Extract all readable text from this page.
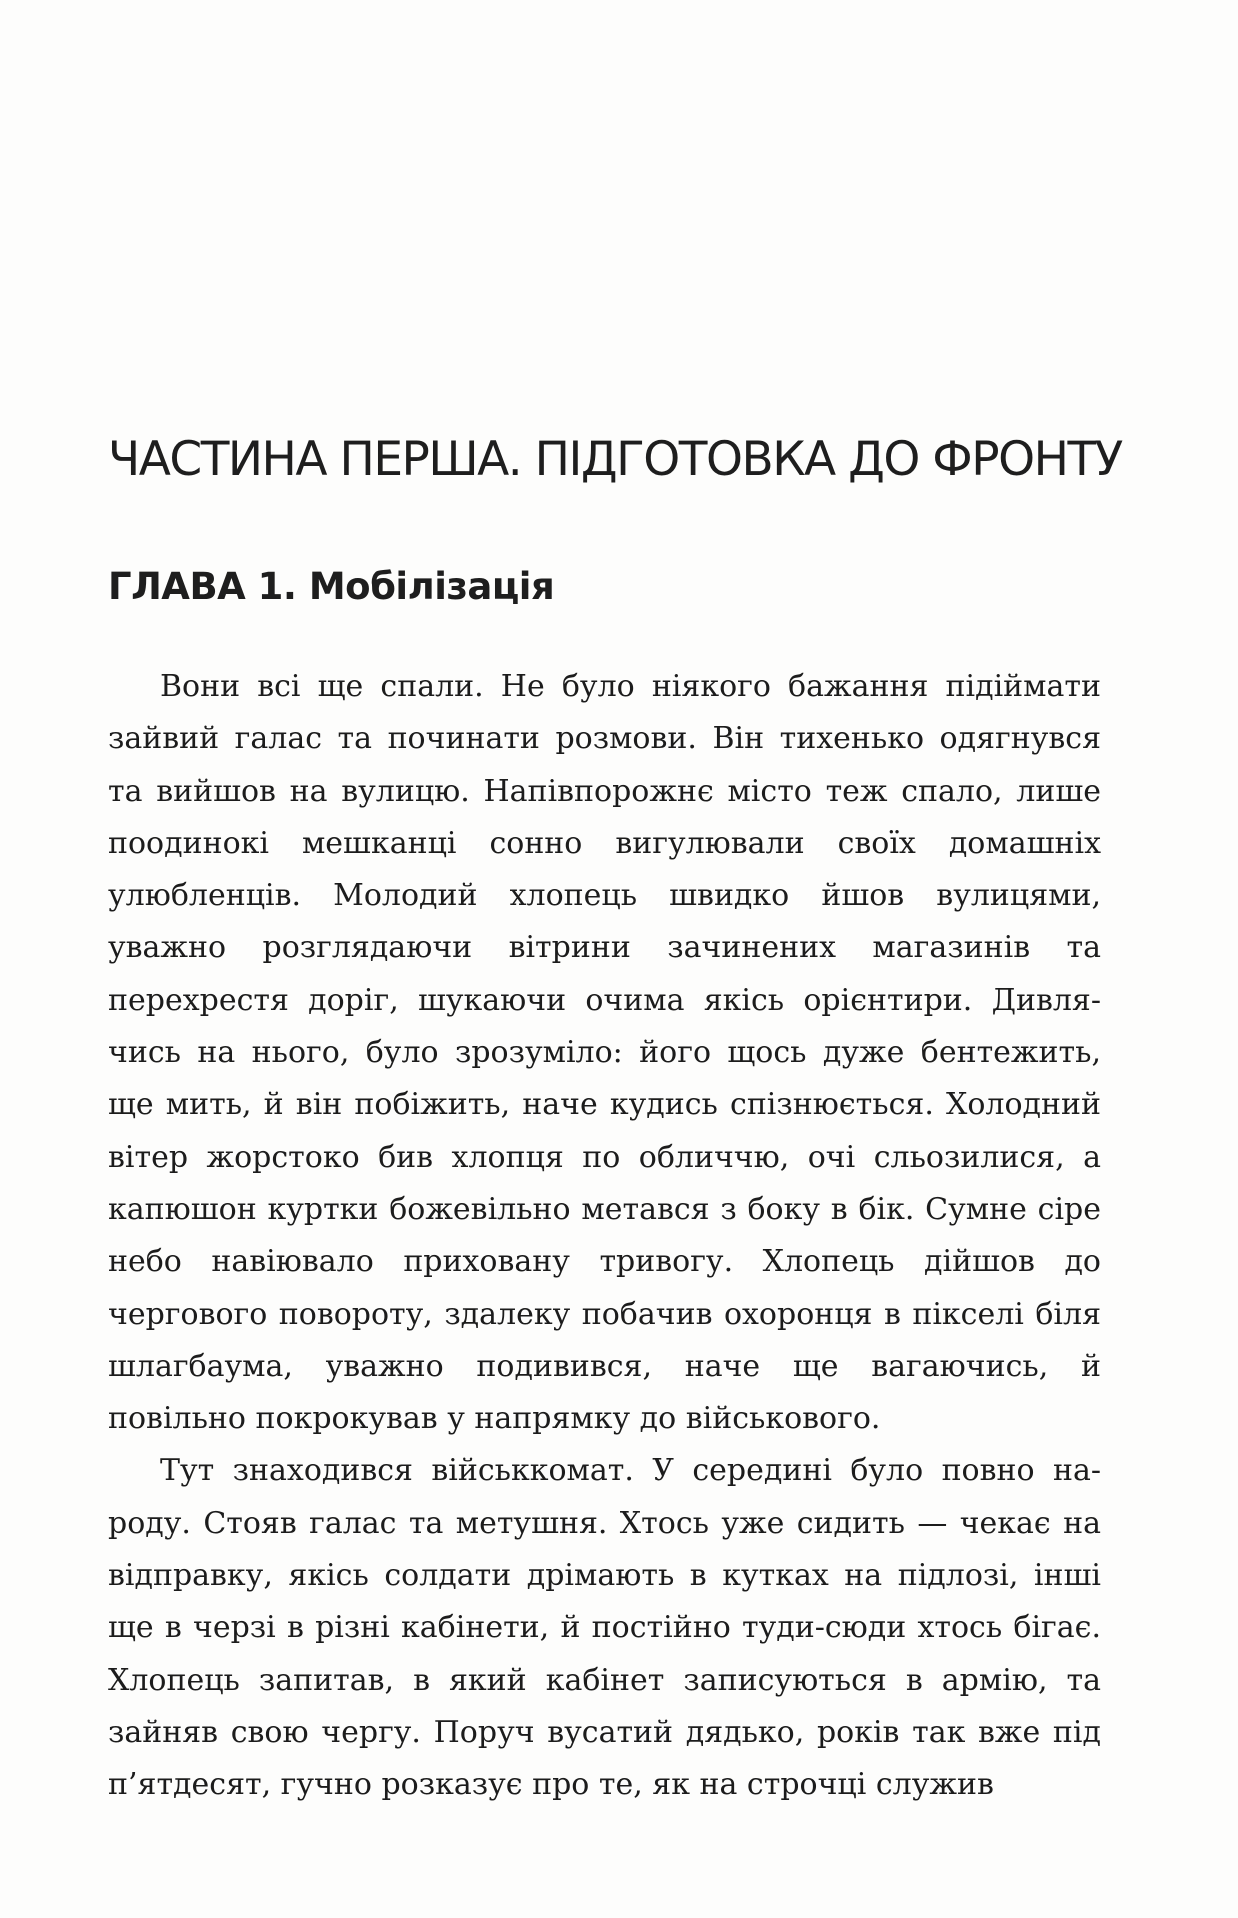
ЧАСТИНА ПЕРША. ПІДГОТОВКА ДО ФРОНТУ
ГЛАВА 1. Мобілізація

Вони всі ще спали. Не було ніякого бажання підіймати зайвий галас та починати розмови. Він тихенько одягнувся та вийшов на вулицю. Напівпорожнє місто теж спало, лише поодинокі мешканці сонно вигулювали своїх домашніх улюбленців. Молодий хлопець швидко йшов вулицями, уважно розглядаючи вітрини зачинених магазинів та перехрестя доріг, шукаючи очима якісь орієнтири. Дивлячись на нього, було зрозуміло: його щось дуже бентежить, ще мить, й він побіжить, наче кудись спізнюється. Холодний вітер жорстоко бив хлопця по обличчю, очі сльозилися, а капюшон куртки божевільно метався з боку в бік. Сумне сіре небо навіювало приховану тривогу. Хлопець дійшов до чергового повороту, здалеку побачив охоронця в пікселі біля шлагбаума, уважно подивився, наче ще вагаючись, й повільно покрокував у напрямку до військового.

Тут знаходився військкомат. У середині було повно народу. Стояв галас та метушня. Хтось уже сидить — чекає на відправку, якісь солдати дрімають в кутках на підлозі, інші ще в черзі в різні кабінети, й постійно туди-сюди хтось бігає. Хлопець запитав, в який кабінет записуються в армію, та зайняв свою чергу. Поруч вусатий дядько, років так вже під п’ятдесят, гучно розказує про те, як на строчці служив
